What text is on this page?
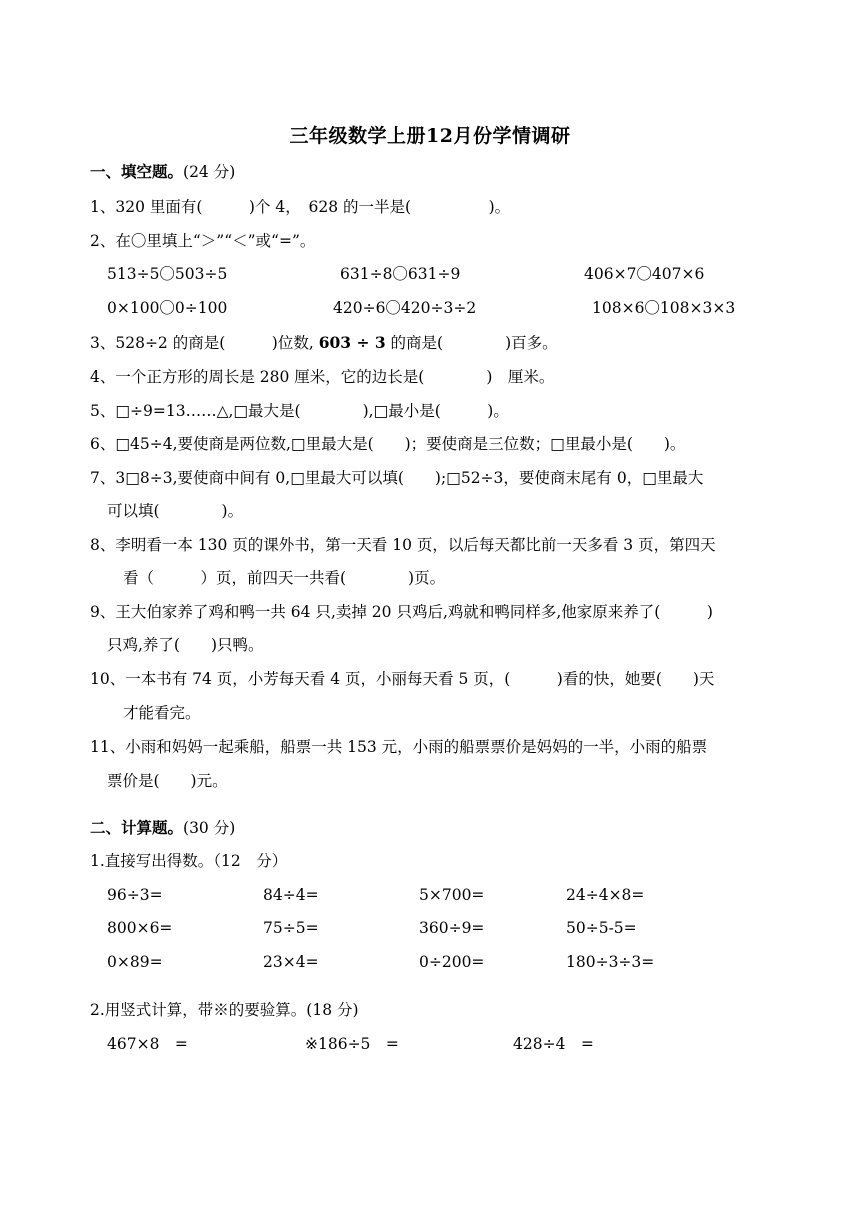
三年级数学上册12月份学情调研
一、填空题。(24 分)
1、320 里面有(　　　)个 4，　628 的一半是(　　　　　)。
2、在〇里填上“＞”“＜”或“=”。
513÷5〇503÷5	631÷8〇631÷9	406×7〇407×6
0×100〇0÷100	420÷6〇420÷3÷2	108×6〇108×3×3
3、528÷2 的商是(　　　)位数, 603 ÷ 3 的商是(　　　　)百多。
4、一个正方形的周长是 280 厘米，它的边长是(　　　　)　厘米。
5、□÷9=13……△,□最大是(　　　　),□最小是(　　　)。
6、□45÷4,要使商是两位数,□里最大是(　　)；要使商是三位数；□里最小是(　　)。
7、3□8÷3,要使商中间有 0,□里最大可以填(　　);□52÷3，要使商末尾有 0，□里最大
可以填(　　　　)。
8、李明看一本 130 页的课外书，第一天看 10 页，以后每天都比前一天多看 3 页，第四天
看（　　　）页，前四天一共看(　　　　)页。
9、王大伯家养了鸡和鸭一共 64 只,卖掉 20 只鸡后,鸡就和鸭同样多,他家原来养了(　　　)
只鸡,养了(　　)只鸭。
10、一本书有 74 页，小芳每天看 4 页，小丽每天看 5 页，(　　　)看的快，她要(　　)天
才能看完。
11、小雨和妈妈一起乘船，船票一共 153 元，小雨的船票票价是妈妈的一半，小雨的船票
票价是(　　)元。
二、计算题。(30 分)
1.直接写出得数。（12　分）
96÷3=	84÷4=	5×700=	24÷4×8=
800×6=	75÷5=	360÷9=	50÷5-5=
0×89=	23×4=	0÷200=	180÷3÷3=
2.用竖式计算，带※的要验算。(18 分)
467×8　=	※186÷5　=	428÷4　=
